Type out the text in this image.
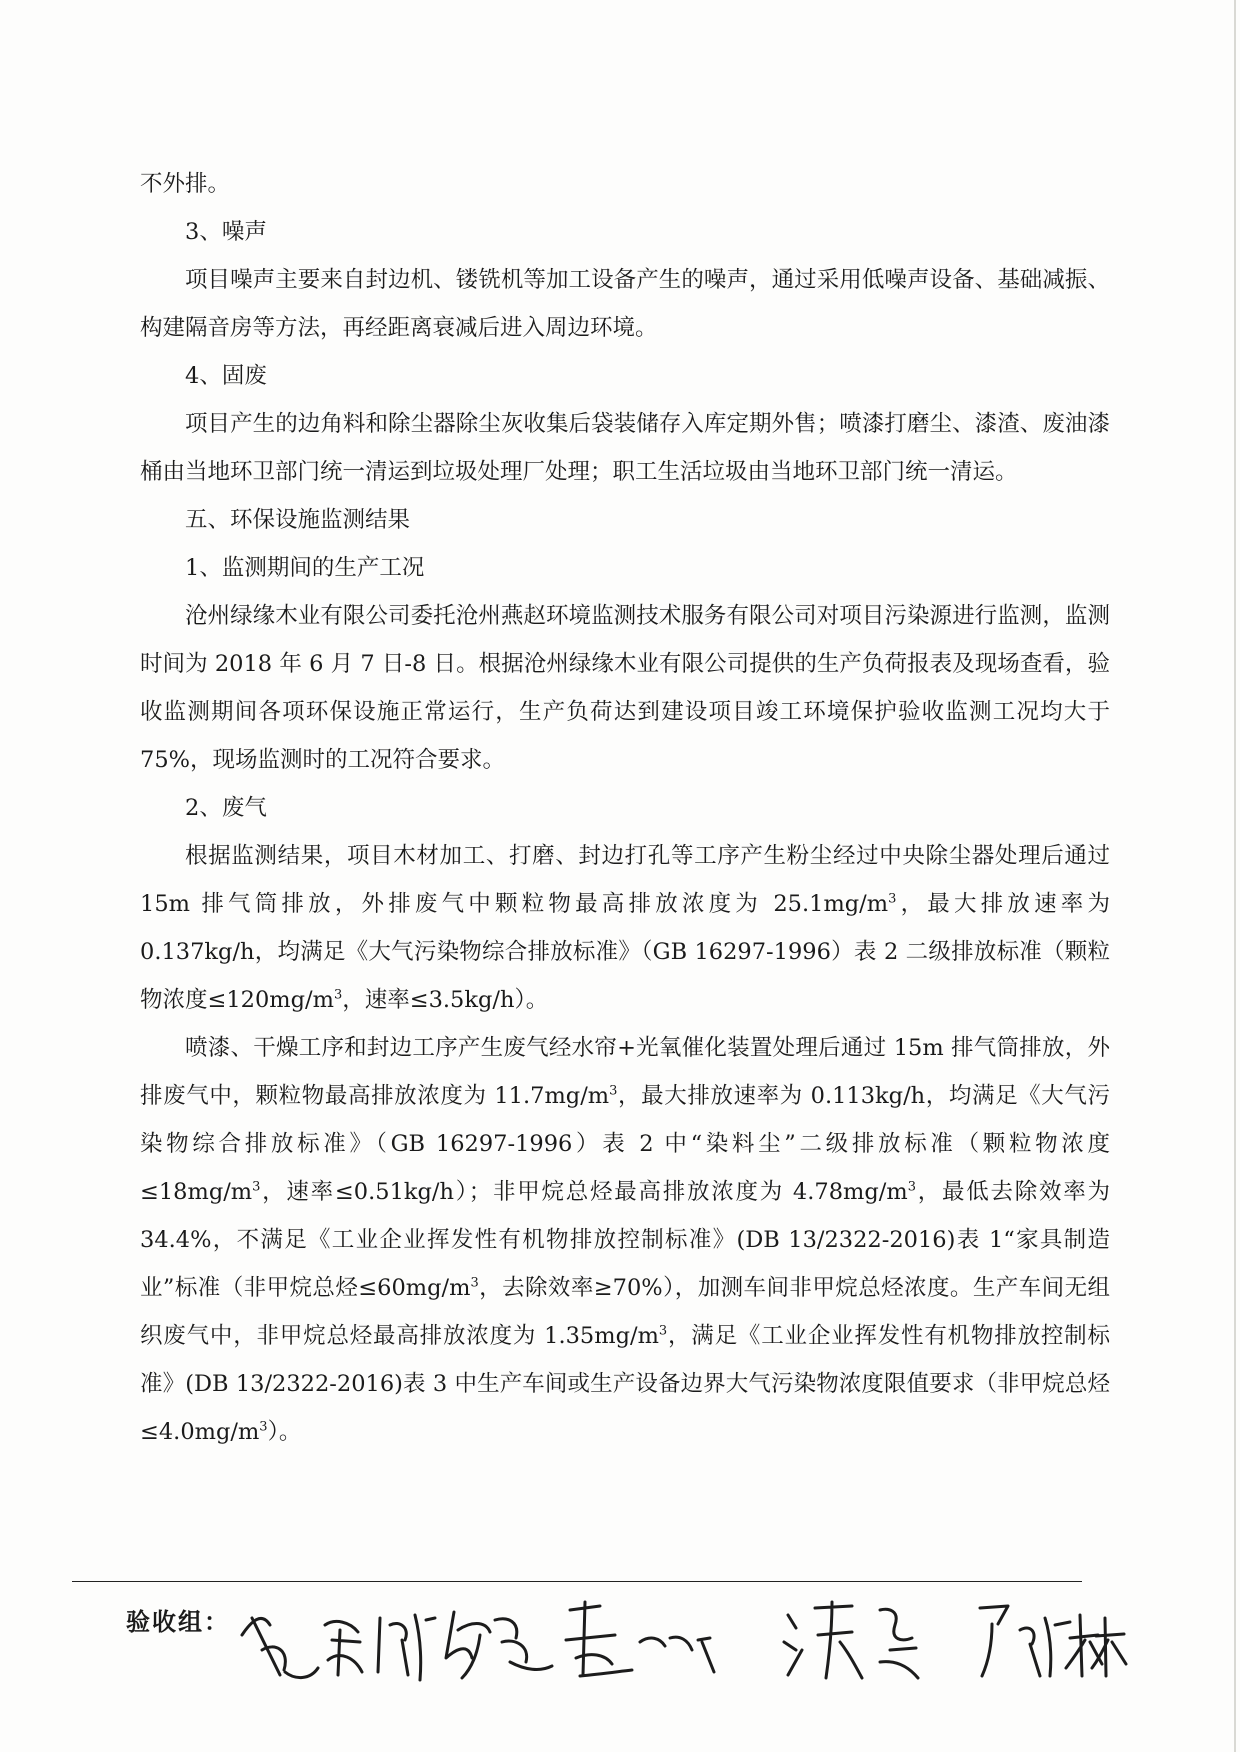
不外排。

3、噪声

项目噪声主要来自封边机、镂铣机等加工设备产生的噪声，通过采用低噪声设备、基础减振、构建隔音房等方法，再经距离衰减后进入周边环境。

4、固废

项目产生的边角料和除尘器除尘灰收集后袋装储存入库定期外售；喷漆打磨尘、漆渣、废油漆桶由当地环卫部门统一清运到垃圾处理厂处理；职工生活垃圾由当地环卫部门统一清运。

五、环保设施监测结果

1、监测期间的生产工况

沧州绿缘木业有限公司委托沧州燕赵环境监测技术服务有限公司对项目污染源进行监测，监测时间为 2018 年 6 月 7 日-8 日。根据沧州绿缘木业有限公司提供的生产负荷报表及现场查看，验收监测期间各项环保设施正常运行，生产负荷达到建设项目竣工环境保护验收监测工况均大于 75%，现场监测时的工况符合要求。

2、废气

根据监测结果，项目木材加工、打磨、封边打孔等工序产生粉尘经过中央除尘器处理后通过 15m 排气筒排放，外排废气中颗粒物最高排放浓度为 $25.1mg/m^3$，最大排放速率为 0.137kg/h，均满足《大气污染物综合排放标准》（GB 16297-1996）表 2 二级排放标准（颗粒物浓度$\le 120mg/m^3$，速率≤3.5kg/h）。

喷漆、干燥工序和封边工序产生废气经水帘+光氧催化装置处理后通过 15m 排气筒排放，外排废气中，颗粒物最高排放浓度为 $11.7mg/m^3$，最大排放速率为 0.113kg/h，均满足《大气污染物综合排放标准》（GB 16297-1996）表 2 中“染料尘”二级排放标准（颗粒物浓度$\le 18mg/m^3$，速率≤0.51kg/h）；非甲烷总烃最高排放浓度为 $4.78mg/m^3$，最低去除效率为 34.4%，不满足《工业企业挥发性有机物排放控制标准》(DB 13/2322-2016)表 1“家具制造业”标准（非甲烷总烃$\le 60mg/m^3$，去除效率≥70%），加测车间非甲烷总烃浓度。生产车间无组织废气中，非甲烷总烃最高排放浓度为 $1.35mg/m^3$，满足《工业企业挥发性有机物排放控制标准》(DB 13/2322-2016)表 3 中生产车间或生产设备边界大气污染物浓度限值要求（非甲烷总烃$\le 4.0mg/m^3$）。

验收组：
